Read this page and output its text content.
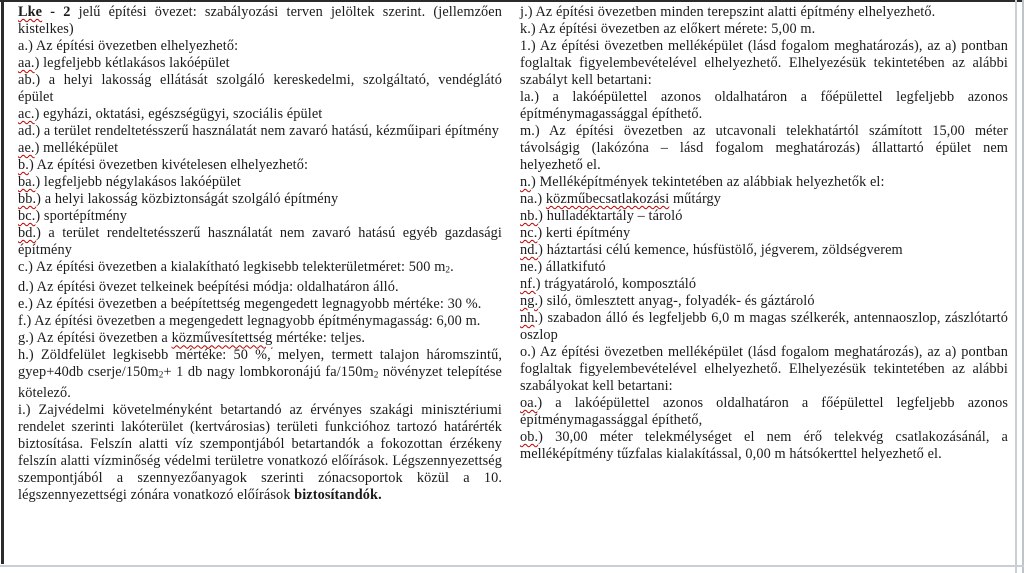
Lke - 2 jelű építési övezet: szabályozási terven jelöltek szerint. (jellemzően kistelkes)

a.) Az építési övezetben elhelyezhető:

aa.) legfeljebb kétlakásos lakóépület

ab.) a helyi lakosság ellátását szolgáló kereskedelmi, szolgáltató, vendéglátó épület

ac.) egyházi, oktatási, egészségügyi, szociális épület

ad.) a terület rendeltetésszerű használatát nem zavaró hatású, kézműipari építmény

ae.) melléképület

b.) Az építési övezetben kivételesen elhelyezhető:

ba.) legfeljebb négylakásos lakóépület

bb.) a helyi lakosság közbiztonságát szolgáló építmény

bc.) sportépítmény

bd.) a terület rendeltetésszerű használatát nem zavaró hatású egyéb gazdasági építmény

c.) Az építési övezetben a kialakítható legkisebb telekterületméret: 500 m2.

d.) Az építési övezet telkeinek beépítési módja: oldalhatáron álló.

e.) Az építési övezetben a beépítettség megengedett legnagyobb mértéke: 30 %.

f.) Az építési övezetben a megengedett legnagyobb építménymagasság: 6,00 m.

g.) Az építési övezetben a közművesítettség mértéke: teljes.

h.) Zöldfelület legkisebb mértéke: 50 %, melyen, termett talajon háromszintű, gyep+40db cserje/150m2+ 1 db nagy lombkoronájú fa/150m2 növényzet telepítése kötelező.

i.) Zajvédelmi követelményként betartandó az érvényes szakági minisztériumi rendelet szerinti lakóterület (kertvárosias) területi funkcióhoz tartozó határérték biztosítása. Felszín alatti víz szempontjából betartandók a fokozottan érzékeny felszín alatti vízminőség védelmi területre vonatkozó előírások. Légszennyezettség szempontjából a szennyezőanyagok szerinti zónacsoportok közül a 10. légszennyezettségi zónára vonatkozó előírások biztosítandók.

j.) Az építési övezetben minden terepszint alatti építmény elhelyezhető.

k.) Az építési övezetben az előkert mérete: 5,00 m.

1.) Az építési övezetben melléképület (lásd fogalom meghatározás), az a) pontban foglaltak figyelembevételével elhelyezhető. Elhelyezésük tekintetében az alábbi szabályt kell betartani:

la.) a lakóépülettel azonos oldalhatáron a főépülettel legfeljebb azonos építménymagassággal építhető.

m.) Az építési övezetben az utcavonali telekhatártól számított 15,00 méter távolságig (lakózóna – lásd fogalom meghatározás) állattartó épület nem helyezhető el.

n.) Melléképítmények tekintetében az alábbiak helyezhetők el:

na.) közműbecsatlakozási műtárgy

nb.) hulladéktartály – tároló

nc.) kerti építmény

nd.) háztartási célú kemence, húsfüstölő, jégverem, zöldségverem

ne.) állatkifutó

nf.) trágyatároló, komposztáló

ng.) siló, ömlesztett anyag-, folyadék- és gáztároló

nh.) szabadon álló és legfeljebb 6,0 m magas szélkerék, antennaoszlop, zászlótartó oszlop

o.) Az építési övezetben melléképület (lásd fogalom meghatározás), az a) pontban foglaltak figyelembevételével elhelyezhető. Elhelyezésük tekintetében az alábbi szabályokat kell betartani:

oa.) a lakóépülettel azonos oldalhatáron a főépülettel legfeljebb azonos építménymagassággal építhető,

ob.) 30,00 méter telekmélységet el nem érő telekvég csatlakozásánál, a melléképítmény tűzfalas kialakítással, 0,00 m hátsókerttel helyezhető el.
